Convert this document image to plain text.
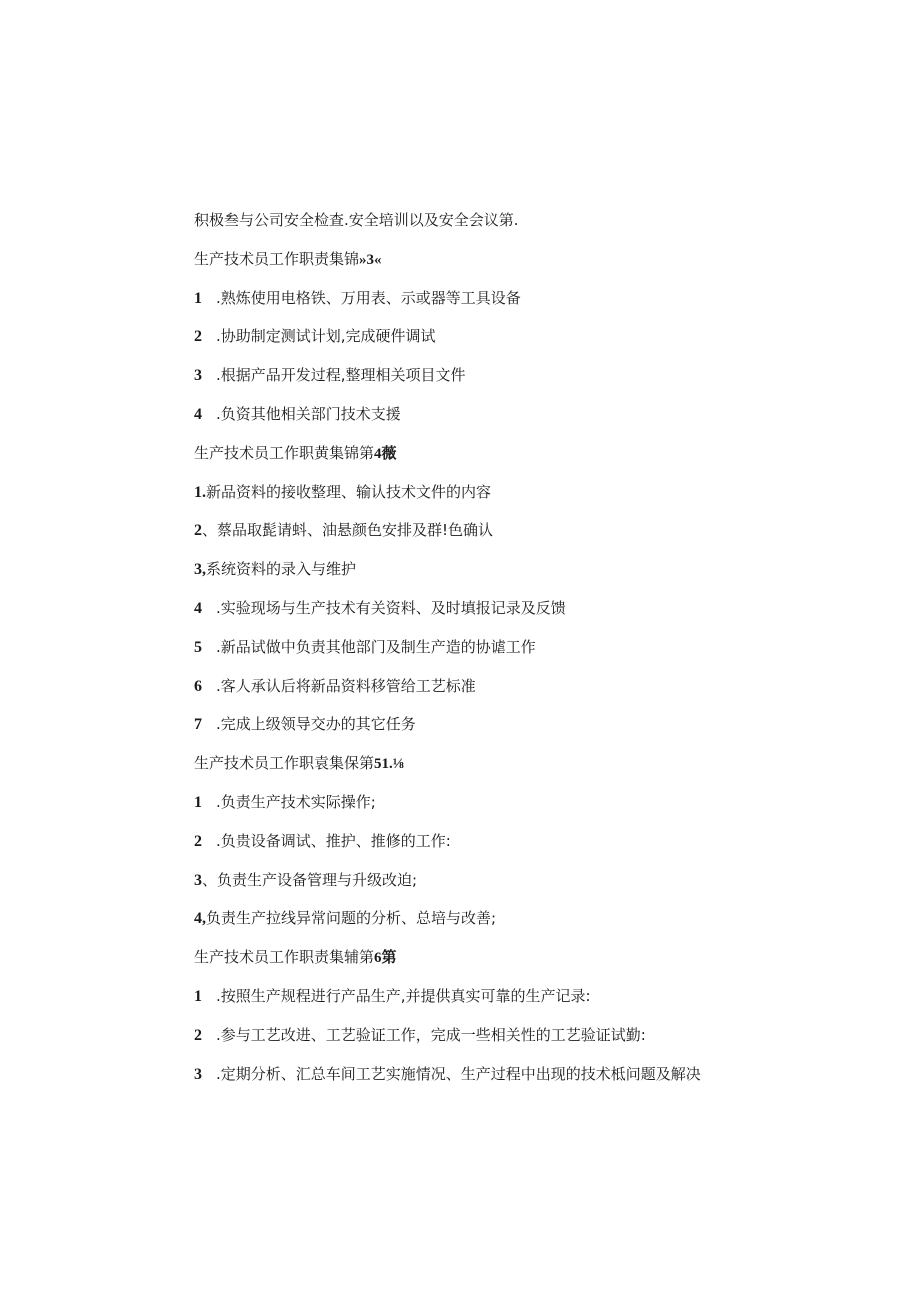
积极叁与公司安全检查.安全培训以及安全会议第.
生产技术员工作职责集锦»3«
1 .熟炼使用电格铁、万用表、示或器等工具设备
2 .协助制定测试计划,完成硬件调试
3 .根据产品开发过程,整理相关项目文件
4 .负资其他相关部门技术支援
生产技术员工作职黄集锦第4薇
1.新品资料的接收整理、输认技术文件的内容
2、蔡品取髭请蚪、油悬颜色安排及群!色确认
3,系统资料的录入与维护
4 .实验现场与生产技术有关资料、及时填报记录及反馈
5 .新品试做中负责其他部门及制生产造的协谑工作
6 .客人承认后将新品资料移管给工艺标准
7 .完成上级领导交办的其它任务
生产技术员工作职袁集保第51.⅛
1 .负责生产技术实际操作;
2 .负贵设备调试、推护、推修的工作:
3、负责生产设备管理与升级改迫;
4,负责生产拉线异常问题的分析、总培与改善;
生产技术员工作职责集辅第6第
1 .按照生产规程进行产品生产,并提供真实可靠的生产记录:
2 .参与工艺改进、工艺验证工作，完成一些相关性的工艺验证试勤:
3 .定期分析、汇总车间工艺实施情况、生产过程中出现的技术柢问题及解决
